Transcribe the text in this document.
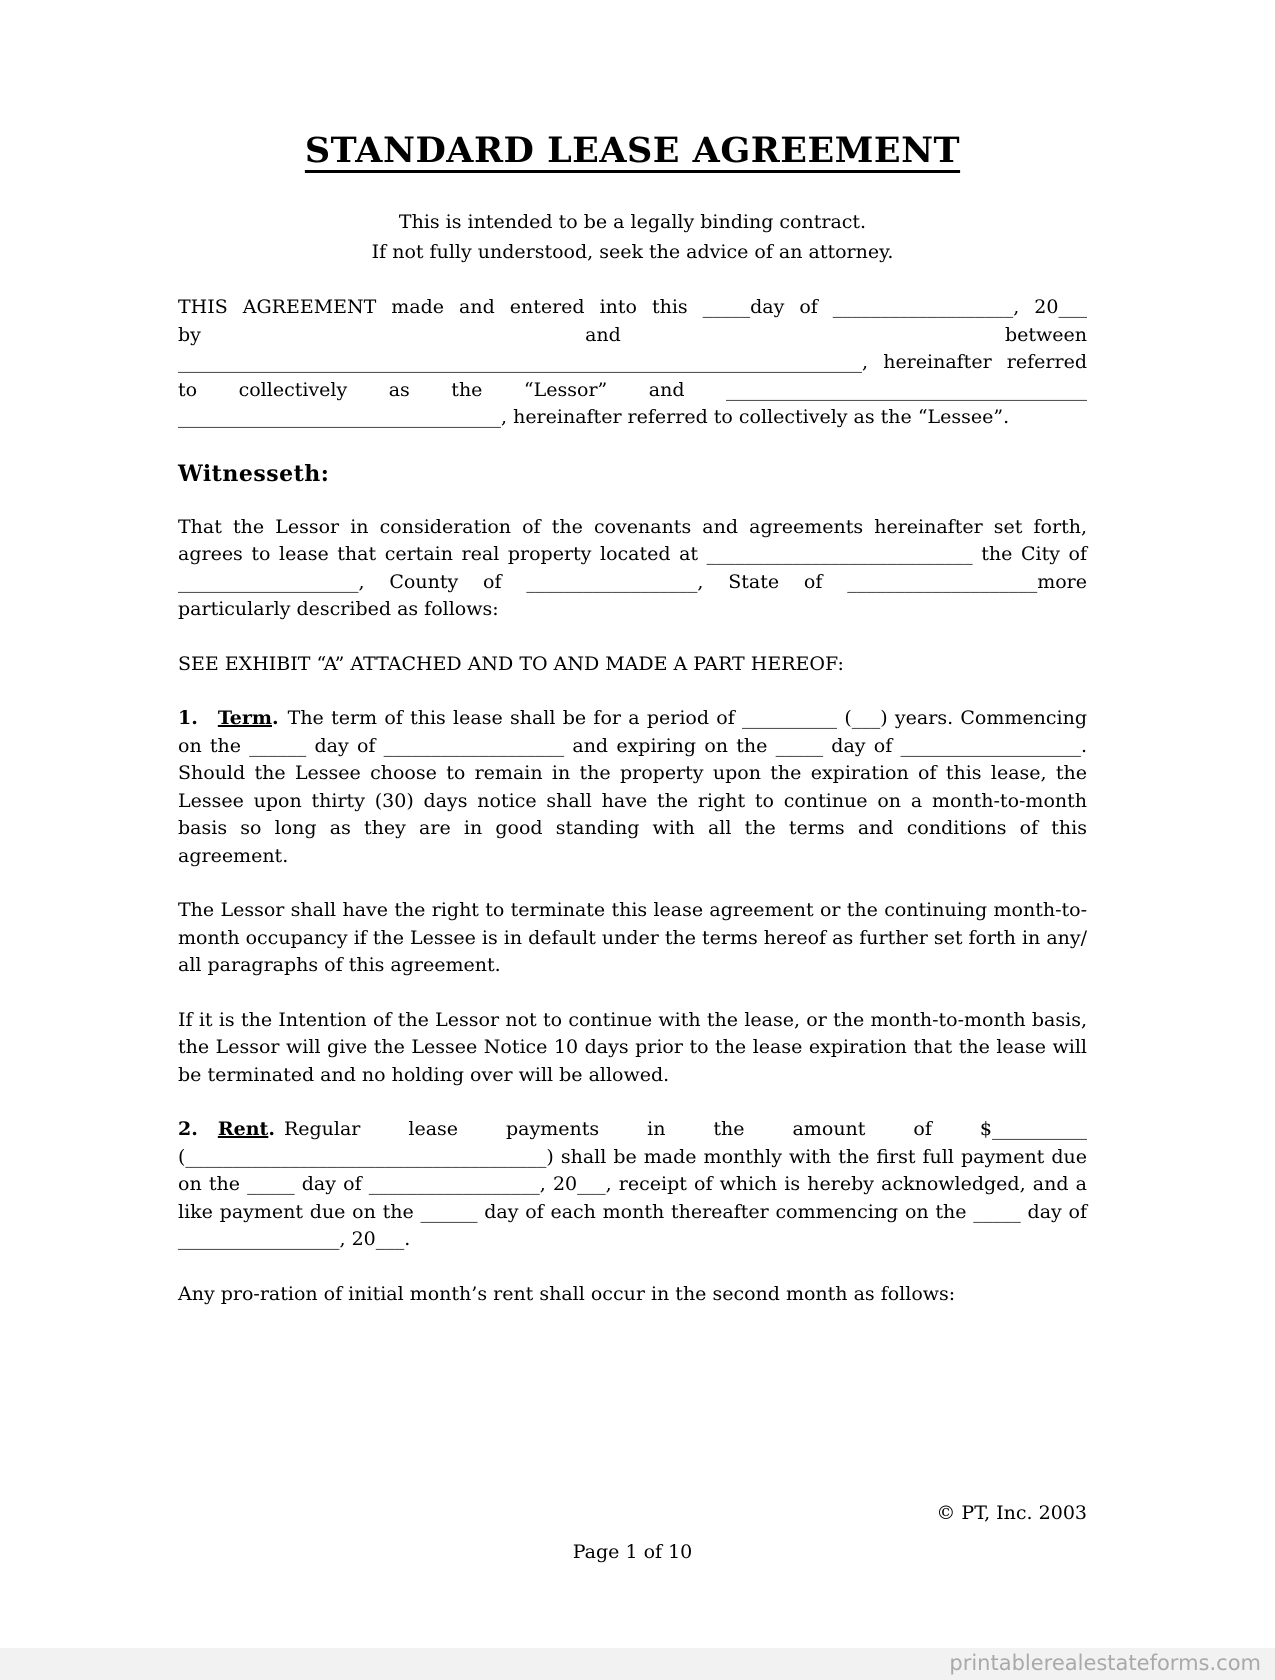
STANDARD LEASE AGREEMENT
This is intended to be a legally binding contract.
If not fully understood, seek the advice of an attorney.
THIS AGREEMENT made and entered into this _____day of ___________________, 20___
by	and	between
________________________________________________________________________, hereinafter referred to collectively as the “Lessor” and ______________________________________ __________________________________, hereinafter referred to collectively as the “Lessee”.
Witnesseth:

That the Lessor in consideration of the covenants and agreements hereinafter set forth, agrees to lease that certain real property located at ____________________________ the City of ___________________, County of __________________, State of ____________________more particularly described as follows:

SEE EXHIBIT “A” ATTACHED AND TO AND MADE A PART HEREOF:

1. Term. The term of this lease shall be for a period of __________ (___) years. Commencing on the ______ day of ___________________ and expiring on the _____ day of ___________________. Should the Lessee choose to remain in the property upon the expiration of this lease, the Lessee upon thirty (30) days notice shall have the right to continue on a month-to-month basis so long as they are in good standing with all the terms and conditions of this agreement.

The Lessor shall have the right to terminate this lease agreement or the continuing month-to-month occupancy if the Lessee is in default under the terms hereof as further set forth in any/ all paragraphs of this agreement.

If it is the Intention of the Lessor not to continue with the lease, or the month-to-month basis, the Lessor will give the Lessee Notice 10 days prior to the lease expiration that the lease will be terminated and no holding over will be allowed.

2. Rent. Regular lease payments in the amount of $__________ (______________________________________) shall be made monthly with the first full payment due on the _____ day of __________________, 20___, receipt of which is hereby acknowledged, and a like payment due on the ______ day of each month thereafter commencing on the _____ day of _________________, 20___.

Any pro-ration of initial month’s rent shall occur in the second month as follows:

© PT, Inc. 2003
Page 1 of 10
printablerealestateforms.com
